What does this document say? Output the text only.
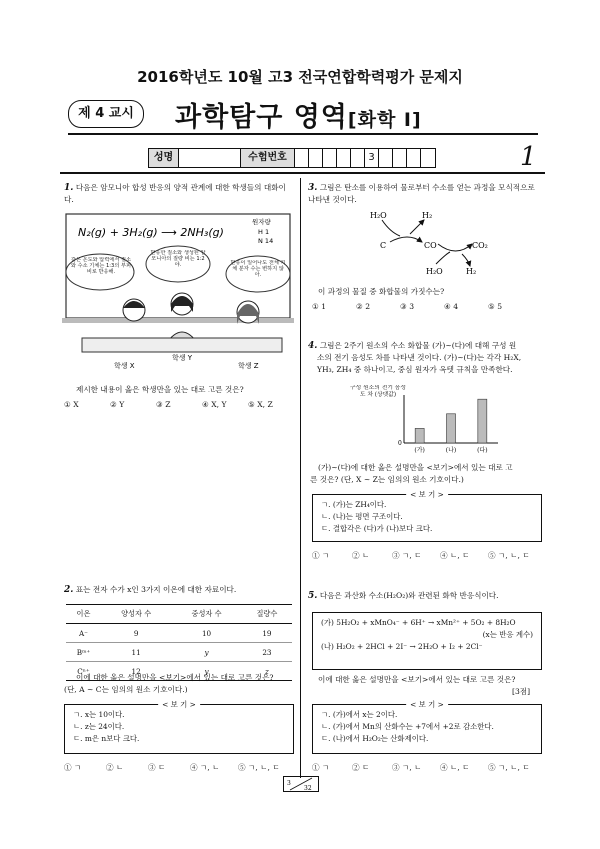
2016학년도 10월 고3 전국연합학력평가 문제지
제 4 교시	과학탐구 영역[화학 Ⅰ]
1
성명	수험번호	3
1. 다음은 암모니아 합성 반응의 양적 관계에 대한 학생들의 대화이다.
N₂(g) + 3H₂(g) ⟶ 2NH₃(g)
원자량
H 1
N 14
같은 온도와 압력에서 질소와 수소 기체는 1:3의 부피 비로 반응해.
반응한 질소와 생성된 암모니아의 질량 비는 1:2야.	반응이 일어나도 전체 기체 분자 수는 변하지 않아.
학생 X
학생 Y
학생 Z
제시한 내용이 옳은 학생만을 있는 대로 고른 것은?
① X	② Y	③ Z	④ X, Y	⑤ X, Z
2. 표는 전자 수가 x인 3가지 이온에 대한 자료이다.
이온	양성자 수	중성자 수	질량수
A⁻	9	10	19
Bᵐ⁺	11	y	23
Cⁿ⁺	12	y	z
이에 대한 옳은 설명만을 <보기>에서 있는 대로 고른 것은?
(단, A ~ C는 임의의 원소 기호이다.)
< 보 기 >
ㄱ. x는 10이다.
ㄴ. z는 24이다.
ㄷ. m은 n보다 크다.
① ㄱ	② ㄴ	③ ㄷ	④ ㄱ, ㄴ	⑤ ㄱ, ㄴ, ㄷ
3. 그림은 탄소를 이용하여 물로부터 수소를 얻는 과정을 모식적으로 나타낸 것이다.
H₂O	H₂
C	CO	CO₂
H₂O	H₂
이 과정의 물질 중 화합물의 가짓수는?
① 1	② 2	③ 3	④ 4	⑤ 5
4. 그림은 2주기 원소의 수소 화합물 (가)~(다)에 대해 구성 원
소의 전기 음성도 차를 나타낸 것이다. (가)~(다)는 각각 H₂X,
YH₃, ZH₄ 중 하나이고, 중심 원자가 옥텟 규칙을 만족한다.
구성 원소의 전기 음성도 차 (상댓값)
0
(가)	(나)	(다)
(가)~(다)에 대한 옳은 설명만을 <보기>에서 있는 대로 고
른 것은? (단, X ~ Z는 임의의 원소 기호이다.)
< 보 기 >
ㄱ. (가)는 ZH₄이다.
ㄴ. (나)는 평면 구조이다.
ㄷ. 결합각은 (다)가 (나)보다 크다.
① ㄱ	② ㄴ	③ ㄱ, ㄷ	④ ㄴ, ㄷ	⑤ ㄱ, ㄴ, ㄷ
5. 다음은 과산화 수소(H₂O₂)와 관련된 화학 반응식이다.
(가) 5H₂O₂ + xMnO₄⁻ + 6H⁺ → xMn²⁺ + 5O₂ + 8H₂O
(x는 반응 계수)
(나) H₂O₂ + 2HCl + 2I⁻ → 2H₂O + I₂ + 2Cl⁻
이에 대한 옳은 설명만을 <보기>에서 있는 대로 고른 것은?
[3점]
< 보 기 >
ㄱ. (가)에서 x는 2이다.
ㄴ. (가)에서 Mn의 산화수는 +7에서 +2로 감소한다.
ㄷ. (나)에서 H₂O₂는 산화제이다.
① ㄱ	② ㄷ	③ ㄱ, ㄴ	④ ㄴ, ㄷ	⑤ ㄱ, ㄴ, ㄷ
3
32
